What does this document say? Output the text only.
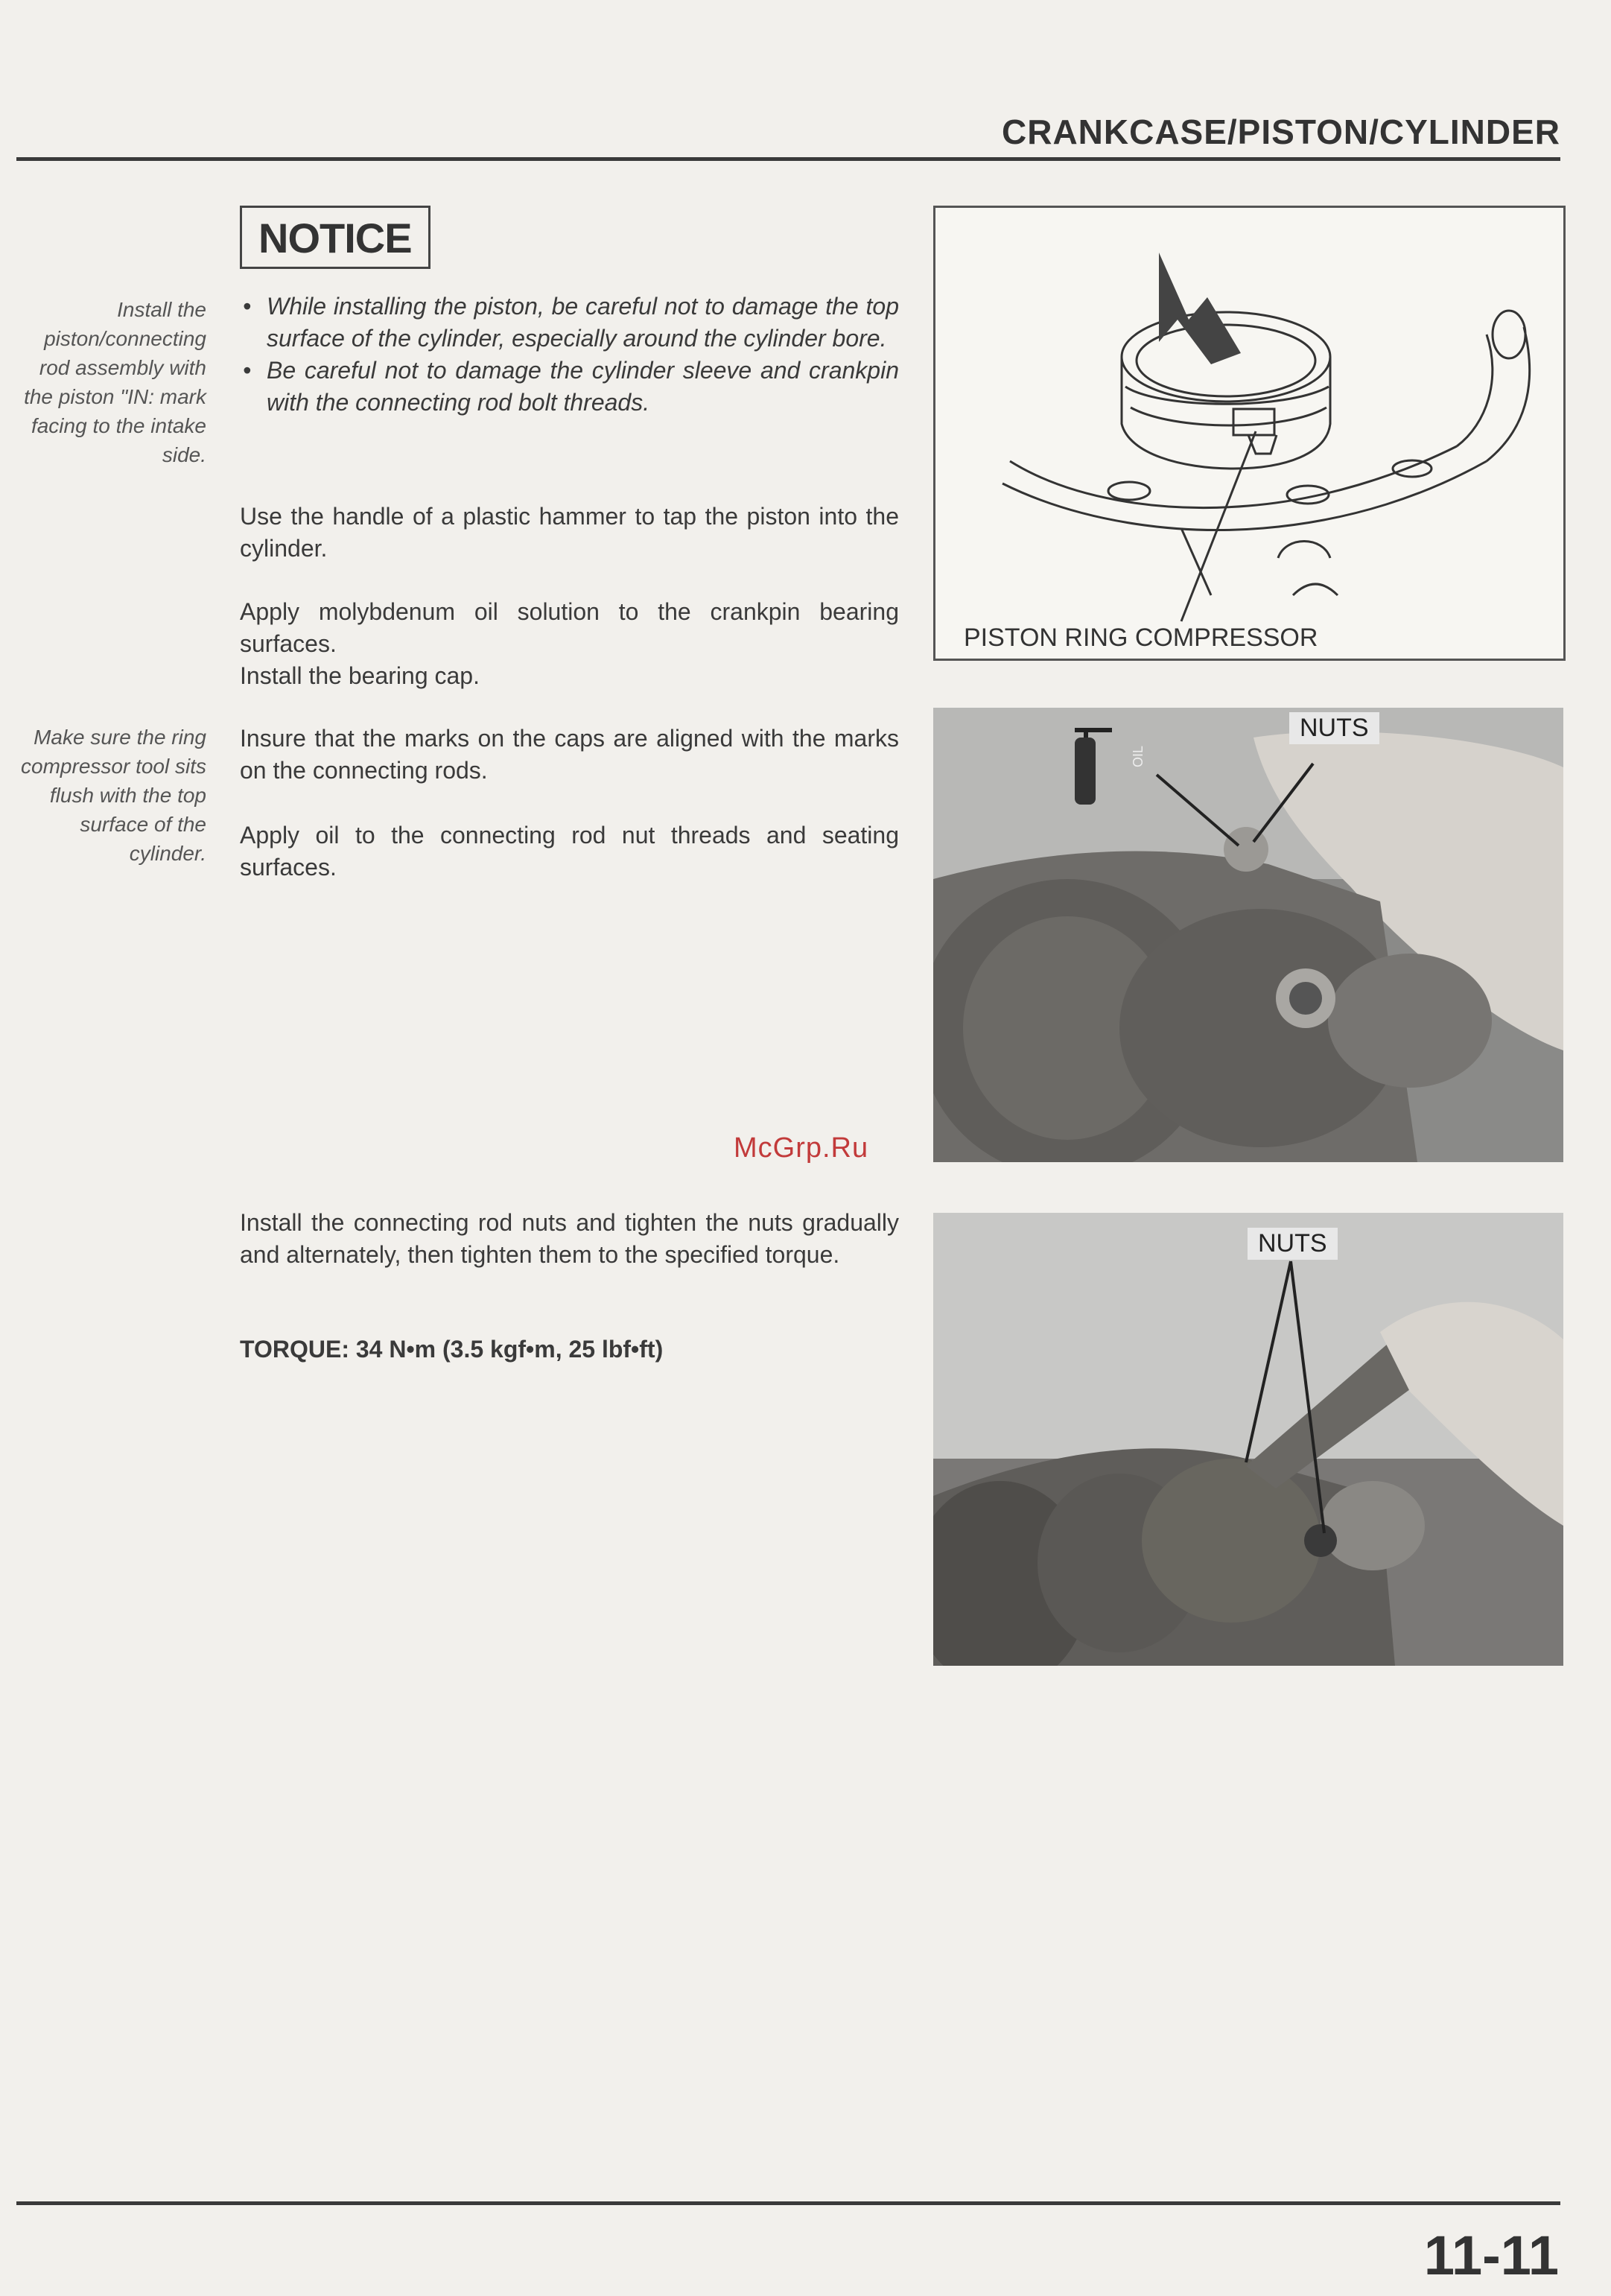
CRANKCASE/PISTON/CYLINDER
NOTICE
Install the piston/connecting rod assembly with the piston "IN: mark facing to the intake side.
Make sure the ring compressor tool sits flush with the top surface of the cylinder.
• While installing the piston, be careful not to damage the top surface of the cylinder, especially around the cylinder bore.
• Be careful not to damage the cylinder sleeve and crankpin with the connecting rod bolt threads.
Use the handle of a plastic hammer to tap the piston into the cylinder.
Apply molybdenum oil solution to the crankpin bearing surfaces.
Install the bearing cap.
Insure that the marks on the caps are aligned with the marks on the connecting rods.
Apply oil to the connecting rod nut threads and seating surfaces.
Install the connecting rod nuts and tighten the nuts gradually and alternately, then tighten them to the specified torque.
TORQUE: 34 N•m (3.5 kgf•m, 25 lbf•ft)
McGrp.Ru
PISTON RING COMPRESSOR
NUTS
OIL
NUTS
11-11
